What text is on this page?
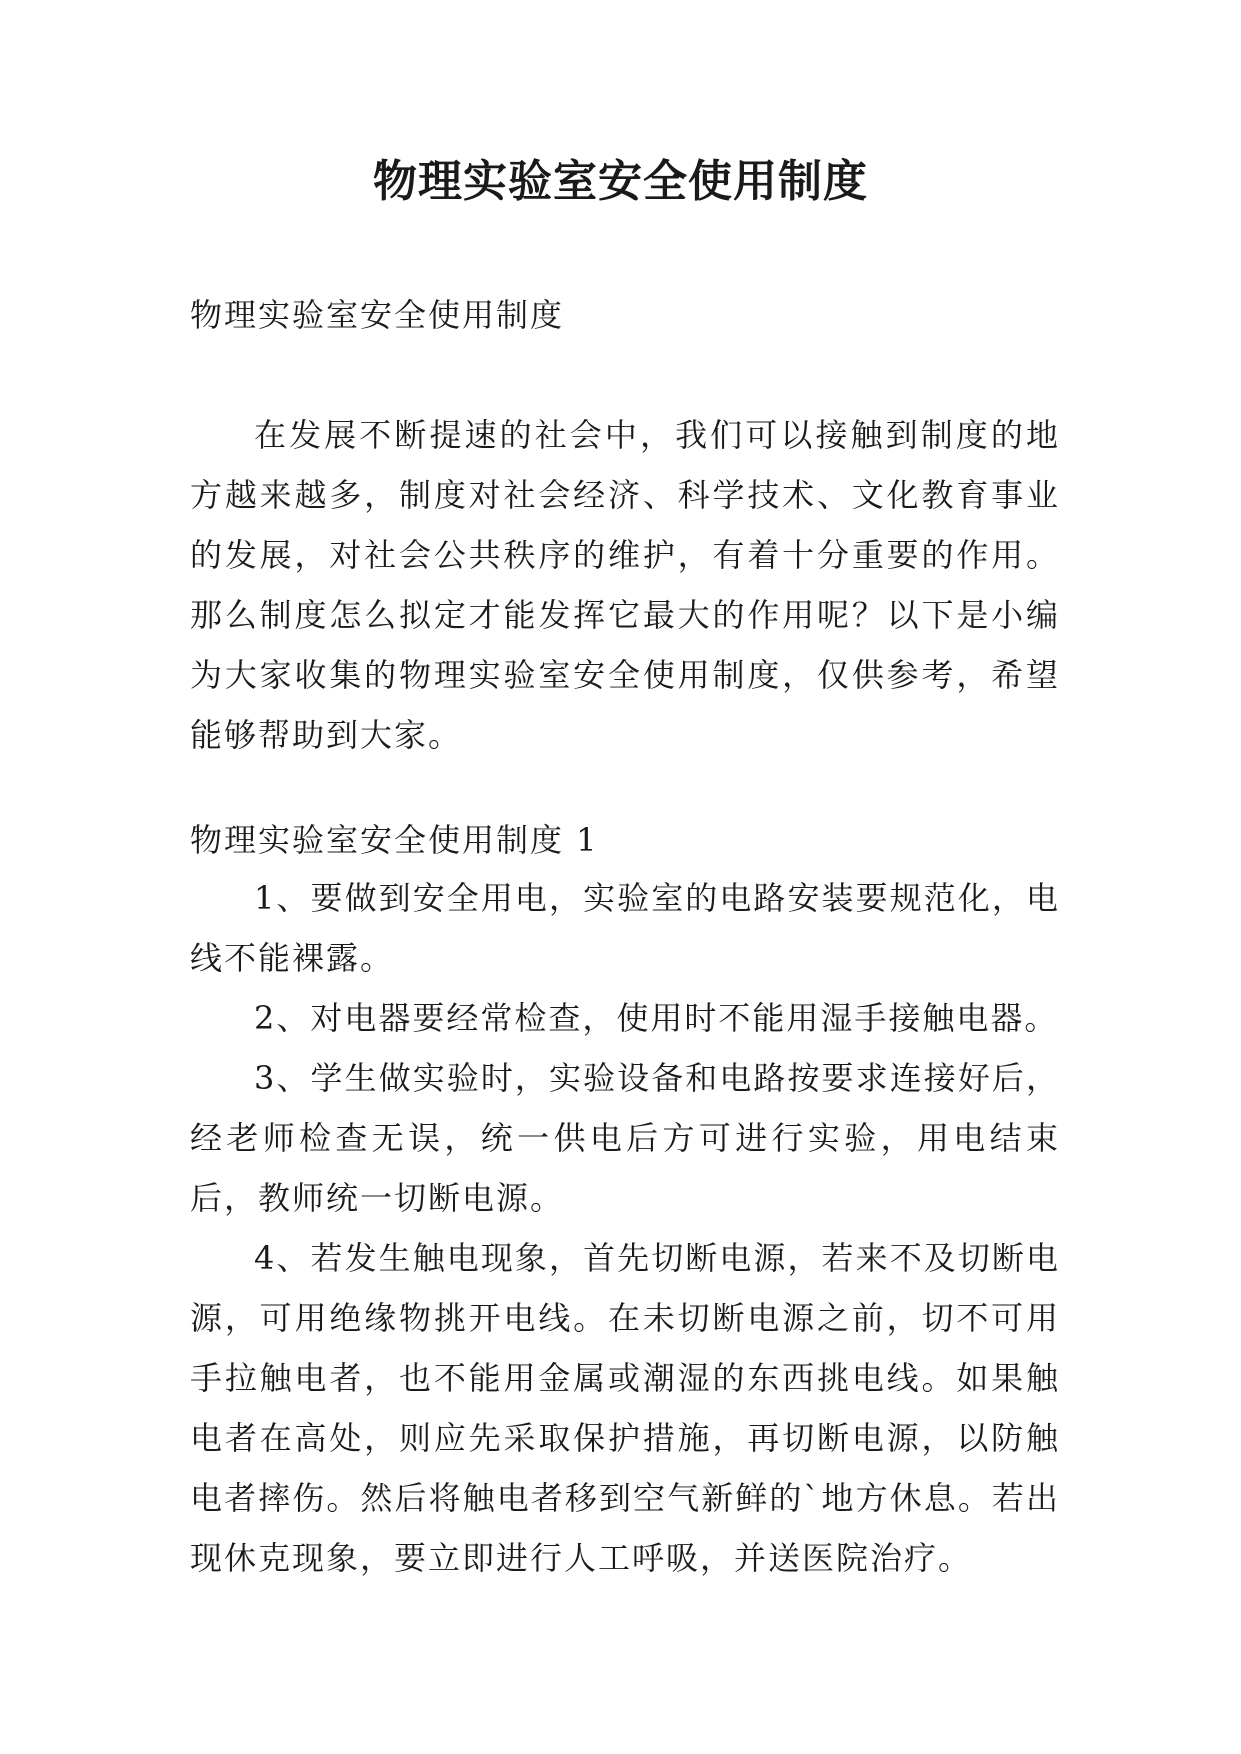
物理实验室安全使用制度

物理实验室安全使用制度

在发展不断提速的社会中，我们可以接触到制度的地方越来越多，制度对社会经济、科学技术、文化教育事业的发展，对社会公共秩序的维护，有着十分重要的作用。那么制度怎么拟定才能发挥它最大的作用呢？以下是小编为大家收集的物理实验室安全使用制度，仅供参考，希望能够帮助到大家。

物理实验室安全使用制度 1

1、要做到安全用电，实验室的电路安装要规范化，电线不能裸露。

2、对电器要经常检查，使用时不能用湿手接触电器。

3、学生做实验时，实验设备和电路按要求连接好后，经老师检查无误，统一供电后方可进行实验，用电结束后，教师统一切断电源。

4、若发生触电现象，首先切断电源，若来不及切断电源，可用绝缘物挑开电线。在未切断电源之前，切不可用手拉触电者，也不能用金属或潮湿的东西挑电线。如果触电者在高处，则应先采取保护措施，再切断电源，以防触电者摔伤。然后将触电者移到空气新鲜的`地方休息。若出现休克现象，要立即进行人工呼吸，并送医院治疗。
